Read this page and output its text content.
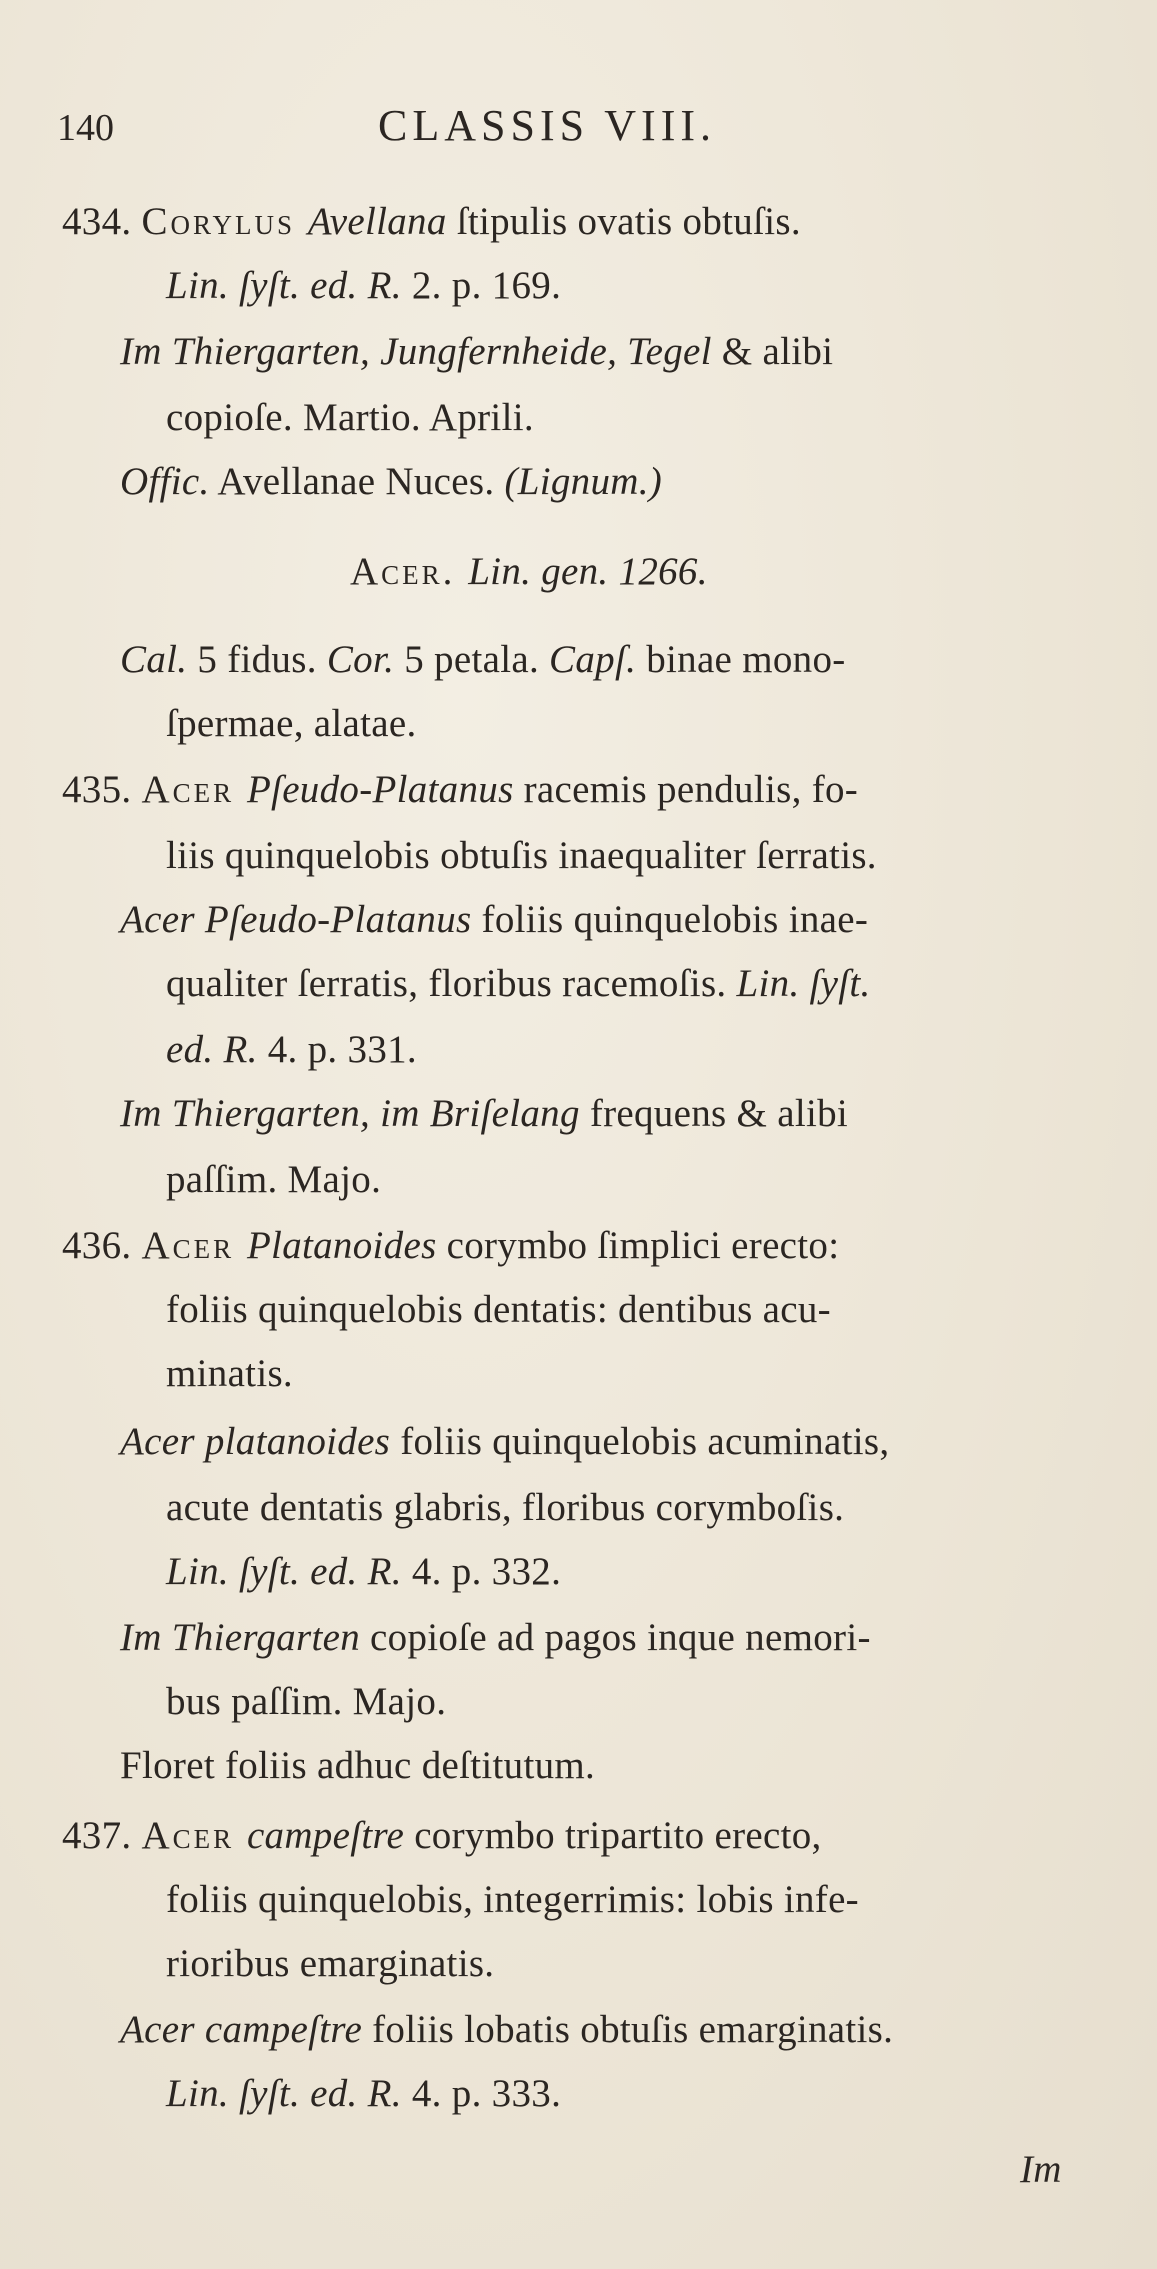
140	CLASSIS VIII.
434. Corylus Avellana ſtipulis ovatis obtuſis.
Lin. ſyſt. ed. R. 2. p. 169.
Im Thiergarten, Jungfernheide, Tegel & alibi
copioſe. Martio. Aprili.
Offic. Avellanae Nuces. (Lignum.)
Acer. Lin. gen. 1266.
Cal. 5 fidus. Cor. 5 petala. Capſ. binae mono-
ſpermae, alatae.
435. Acer Pſeudo-Platanus racemis pendulis, fo-
liis quinquelobis obtuſis inaequaliter ſerratis.
Acer Pſeudo-Platanus foliis quinquelobis inae-
qualiter ſerratis, floribus racemoſis. Lin. ſyſt.
ed. R. 4. p. 331.
Im Thiergarten, im Briſelang frequens & alibi
paſſim. Majo.
436. Acer Platanoides corymbo ſimplici erecto:
foliis quinquelobis dentatis: dentibus acu-
minatis.
Acer platanoides foliis quinquelobis acuminatis,
acute dentatis glabris, floribus corymboſis.
Lin. ſyſt. ed. R. 4. p. 332.
Im Thiergarten copioſe ad pagos inque nemori-
bus paſſim. Majo.
Floret foliis adhuc deſtitutum.
437. Acer campeſtre corymbo tripartito erecto,
foliis quinquelobis, integerrimis: lobis infe-
rioribus emarginatis.
Acer campeſtre foliis lobatis obtuſis emarginatis.
Lin. ſyſt. ed. R. 4. p. 333.
Im
